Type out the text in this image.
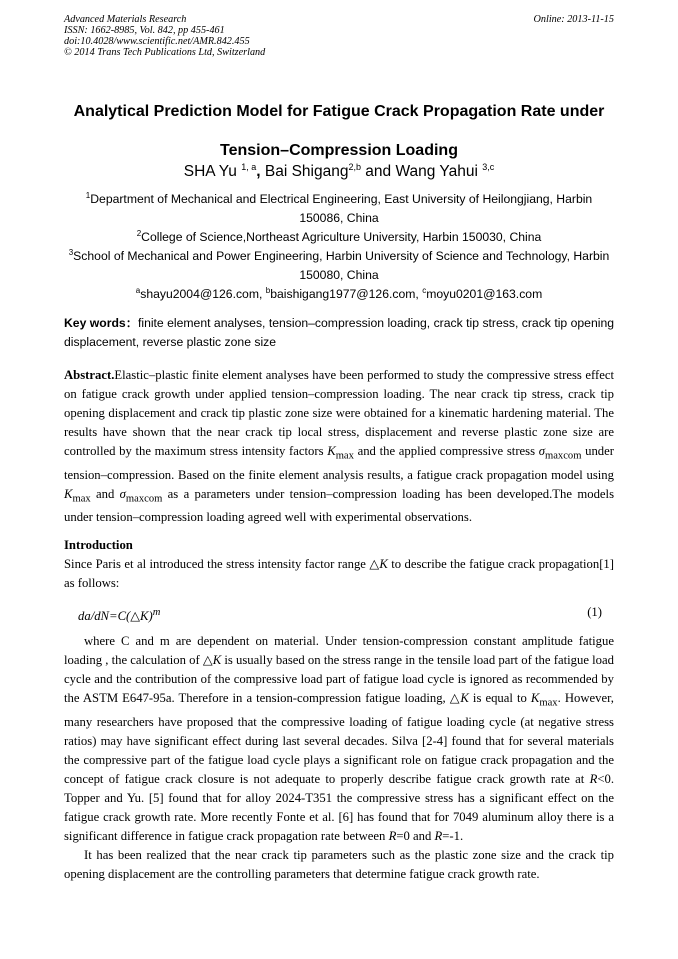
Advanced Materials Research
ISSN: 1662-8985, Vol. 842, pp 455-461
doi:10.4028/www.scientific.net/AMR.842.455
© 2014 Trans Tech Publications Ltd, Switzerland
Online: 2013-11-15
Analytical Prediction Model for Fatigue Crack Propagation Rate under
Tension–Compression Loading
SHA Yu $^{1, a}$, Bai Shigang$^{2,b}$ and Wang Yahui $^{3,c}$
$^1$Department of Mechanical and Electrical Engineering, East University of Heilongjiang, Harbin 150086, China
$^2$College of Science,Northeast Agriculture University, Harbin 150030, China
$^3$School of Mechanical and Power Engineering, Harbin University of Science and Technology, Harbin 150080, China
$^a$shayu2004@126.com, $^b$baishigang1977@126.com, $^c$moyu0201@163.com
Key words：finite element analyses, tension–compression loading, crack tip stress, crack tip opening displacement, reverse plastic zone size

Abstract.Elastic–plastic finite element analyses have been performed to study the compressive stress effect on fatigue crack growth under applied tension–compression loading. The near crack tip stress, crack tip opening displacement and crack tip plastic zone size were obtained for a kinematic hardening material. The results have shown that the near crack tip local stress, displacement and reverse plastic zone size are controlled by the maximum stress intensity factors $K_{max}$ and the applied compressive stress $\sigma_{maxcom}$ under tension–compression. Based on the finite element analysis results, a fatigue crack propagation model using $K_{max}$ and $\sigma_{maxcom}$ as a parameters under tension–compression loading has been developed.The models under tension–compression loading agreed well with experimental observations.

Introduction

Since Paris et al introduced the stress intensity factor range △K to describe the fatigue crack propagation[1] as follows:

da/dN=C(△K)$^m$	(1)

where C and m are dependent on material. Under tension-compression constant amplitude fatigue loading , the calculation of △K is usually based on the stress range in the tensile load part of the fatigue load cycle and the contribution of the compressive load part of fatigue load cycle is ignored as recommended by the ASTM E647-95a. Therefore in a tension-compression fatigue loading, △K is equal to $K_{max}$. However, many researchers have proposed that the compressive loading of fatigue loading cycle (at negative stress ratios) may have significant effect during last several decades. Silva [2-4] found that for several materials the compressive part of the fatigue load cycle plays a significant role on fatigue crack propagation and the concept of fatigue crack closure is not adequate to properly describe fatigue crack growth rate at R<0. Topper and Yu. [5] found that for alloy 2024-T351 the compressive stress has a significant effect on the fatigue crack growth rate. More recently Fonte et al. [6] has found that for 7049 aluminum alloy there is a significant difference in fatigue crack propagation rate between R=0 and R=-1.

It has been realized that the near crack tip parameters such as the plastic zone size and the crack tip opening displacement are the controlling parameters that determine fatigue crack growth rate.
